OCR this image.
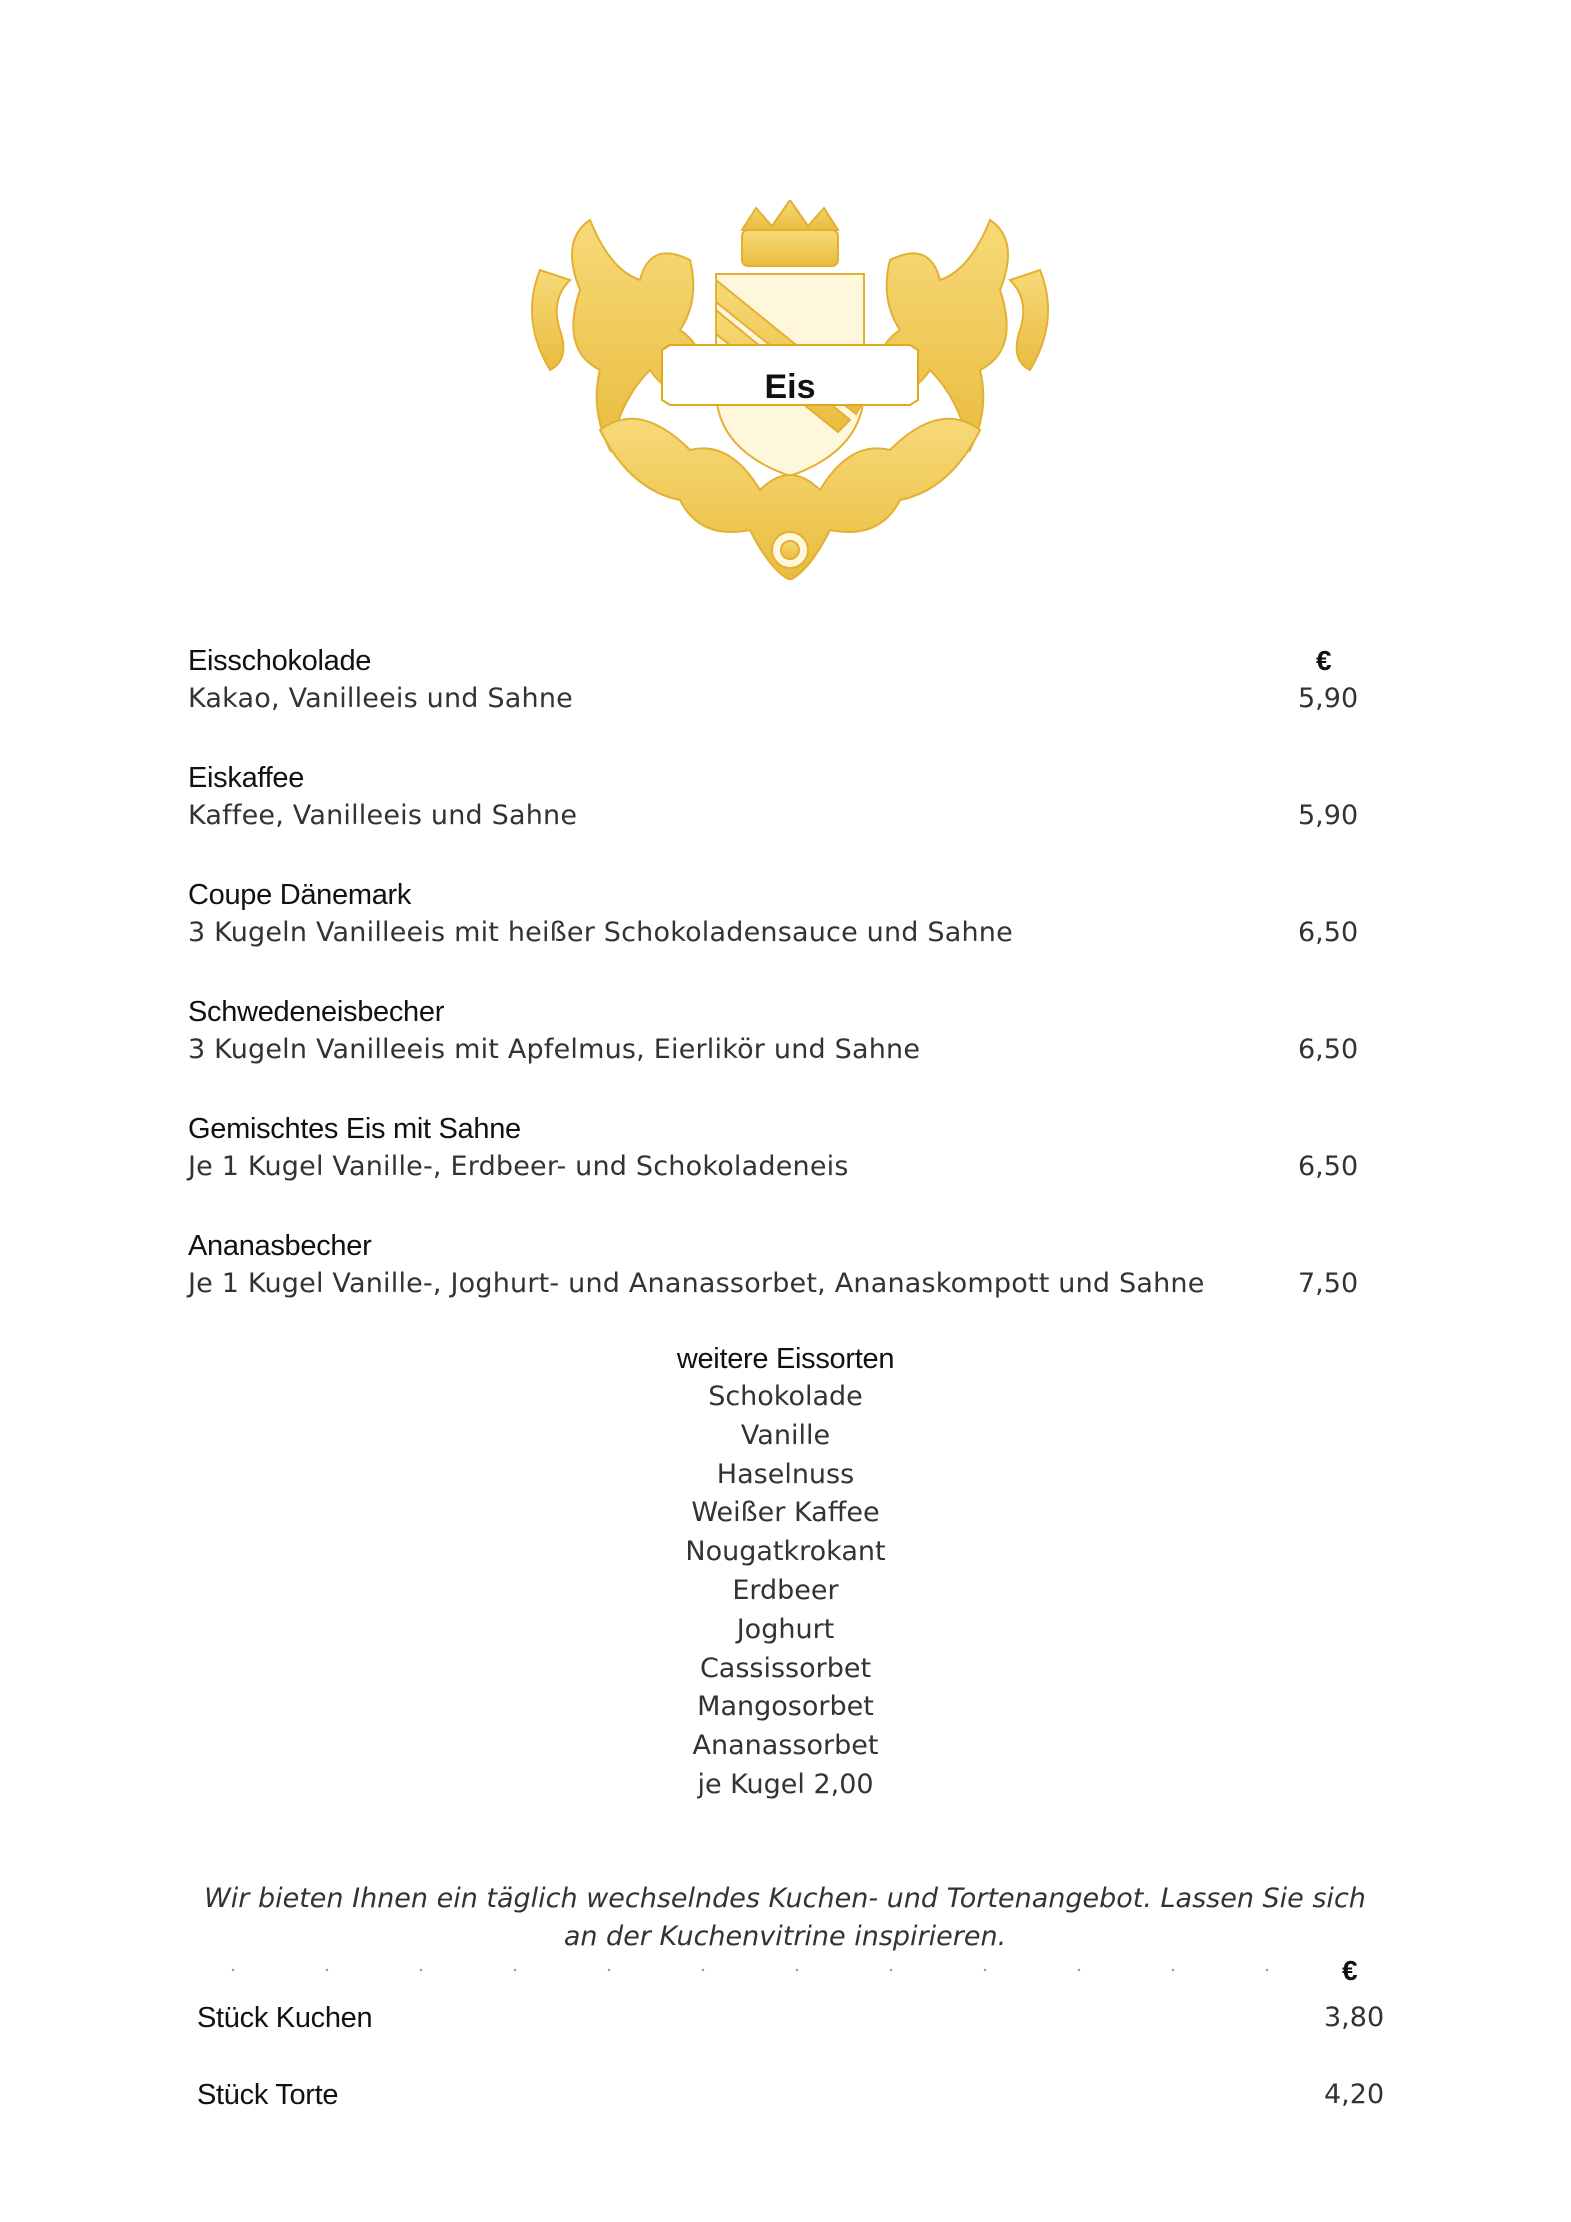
Eis
€
Eisschokolade
Kakao, Vanilleeis und Sahne	5,90
Eiskaffee
Kaffee, Vanilleeis und Sahne	5,90
Coupe Dänemark
3 Kugeln Vanilleeis mit heißer Schokoladensauce und Sahne	6,50
Schwedeneisbecher
3 Kugeln Vanilleeis mit Apfelmus, Eierlikör und Sahne	6,50
Gemischtes Eis mit Sahne
Je 1 Kugel Vanille-, Erdbeer- und Schokoladeneis	6,50
Ananasbecher
Je 1 Kugel Vanille-, Joghurt- und Ananassorbet, Ananaskompott und Sahne	7,50
weitere Eissorten
Schokolade
Vanille
Haselnuss
Weißer Kaffee
Nougatkrokant
Erdbeer
Joghurt
Cassissorbet
Mangosorbet
Ananassorbet
je Kugel 2,00
Wir bieten Ihnen ein täglich wechselndes Kuchen- und Tortenangebot. Lassen Sie sich an der Kuchenvitrine inspirieren.
€
Stück Kuchen	3,80
Stück Torte	4,20
